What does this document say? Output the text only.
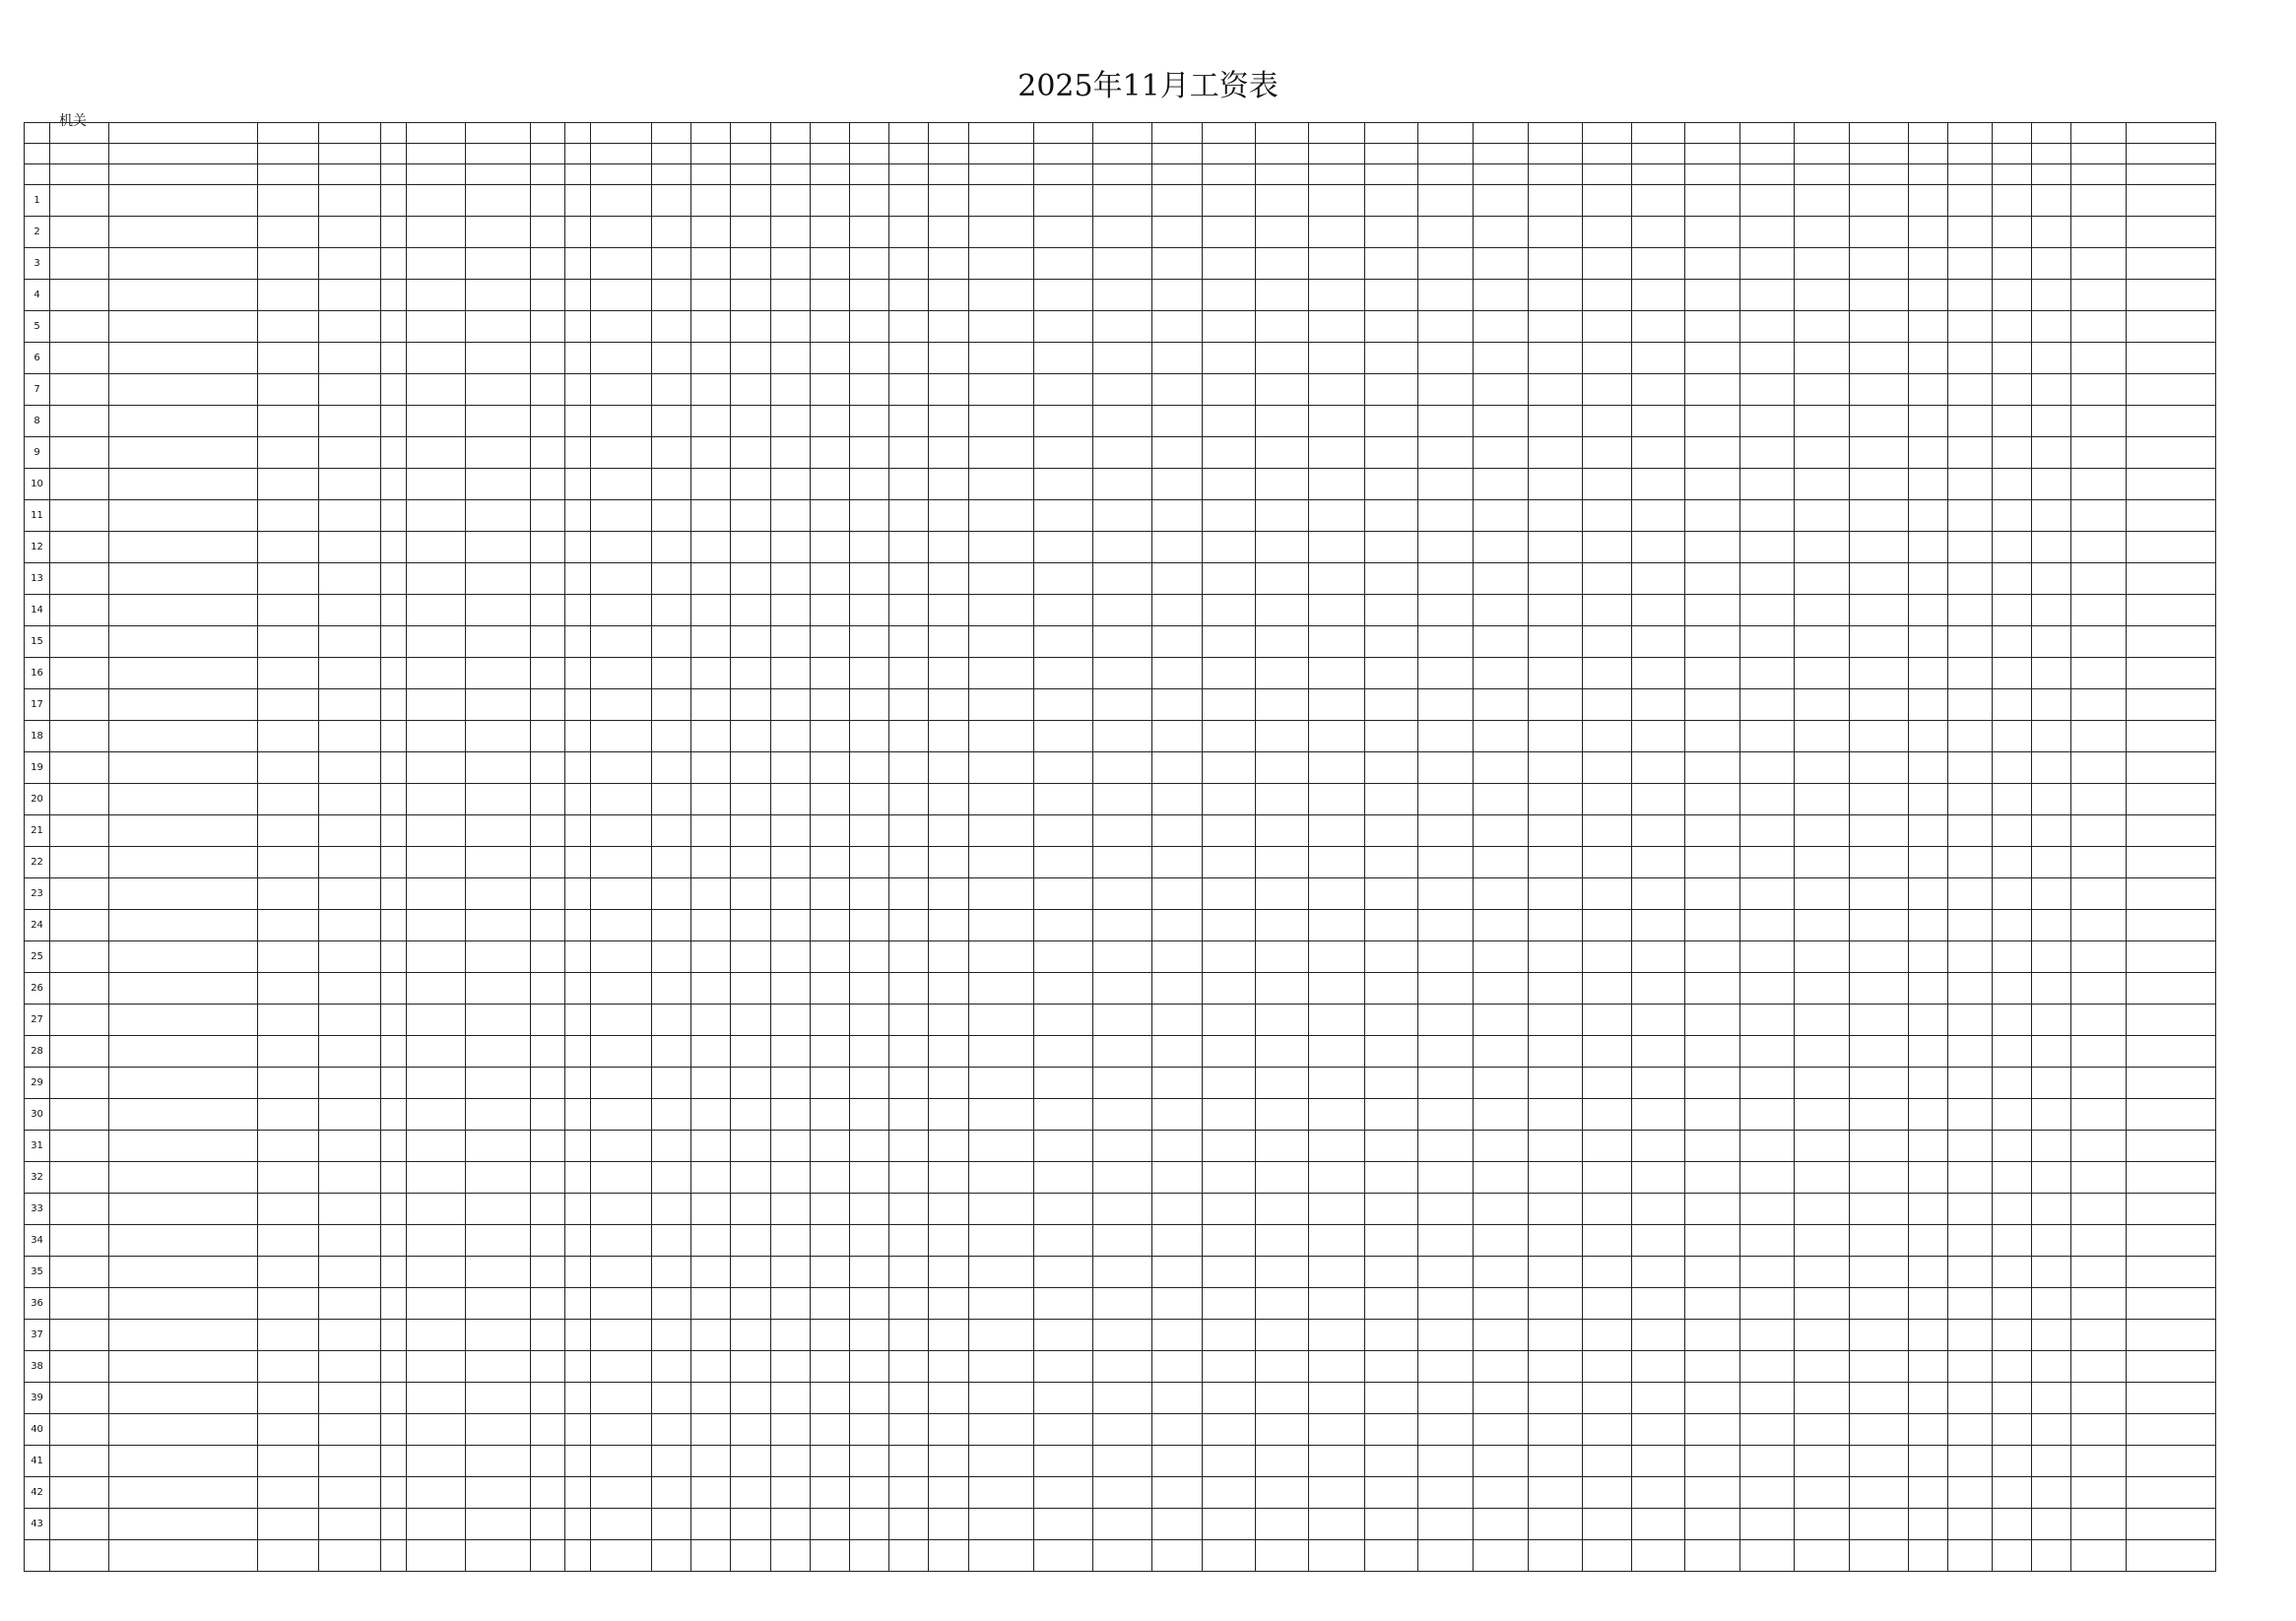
2025年11月工资表
机关

1																																									
2																																									
3																																									
4																																									
5																																									
6																																									
7																																									
8																																									
9																																									
10																																									
11																																									
12																																									
13																																									
14																																									
15																																									
16																																									
17																																									
18																																									
19																																									
20																																									
21																																									
22																																									
23																																									
24																																									
25																																									
26																																									
27																																									
28																																									
29																																									
30																																									
31																																									
32																																									
33																																									
34																																									
35																																									
36																																									
37																																									
38																																									
39																																									
40																																									
41																																									
42																																									
43																																									
